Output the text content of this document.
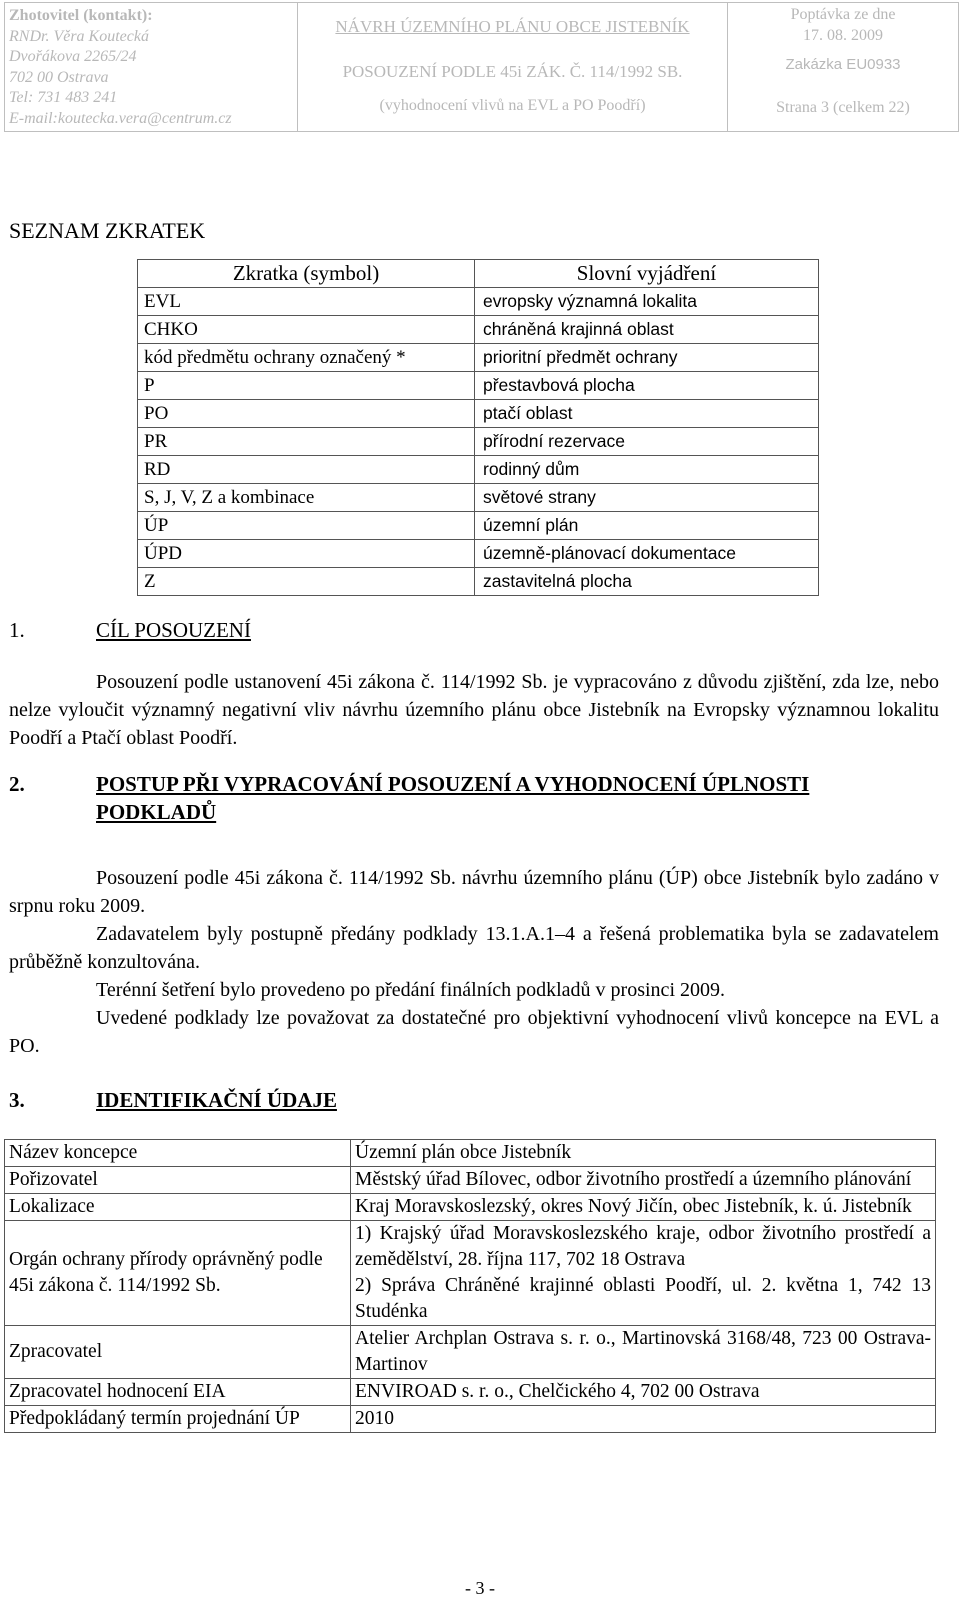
Zhotovitel (kontakt):
RNDr. Věra Koutecká
Dvořákova 2265/24
702 00 Ostrava
Tel: 731 483 241
E-mail:koutecka.vera@centrum.cz
NÁVRH ÚZEMNÍHO PLÁNU OBCE JISTEBNÍK
POSOUZENÍ PODLE 45i ZÁK. Č. 114/1992 SB.
(vyhodnocení vlivů na EVL a PO Poodří)
Poptávka ze dne
17. 08. 2009
Zakázka EU0933
Strana 3 (celkem 22)
SEZNAM ZKRATEK
Zkratka (symbol)	Slovní vyjádření
EVL	evropsky významná lokalita
CHKO	chráněná krajinná oblast
kód předmětu ochrany označený *	prioritní předmět ochrany
P	přestavbová plocha
PO	ptačí oblast
PR	přírodní rezervace
RD	rodinný dům
S, J, V, Z a kombinace	světové strany
ÚP	územní plán
ÚPD	územně-plánovací dokumentace
Z	zastavitelná plocha
1.	CÍL POSOUZENÍ
Posouzení podle ustanovení 45i zákona č. 114/1992 Sb. je vypracováno z důvodu zjištění, zda lze, nebo nelze vyloučit významný negativní vliv návrhu územního plánu obce Jistebník na Evropsky významnou lokalitu Poodří a Ptačí oblast Poodří.
2.	POSTUP PŘI VYPRACOVÁNÍ POSOUZENÍ A VYHODNOCENÍ ÚPLNOSTI
PODKLADŮ
Posouzení podle 45i zákona č. 114/1992 Sb. návrhu územního plánu (ÚP) obce Jistebník bylo zadáno v srpnu roku 2009.
Zadavatelem byly postupně předány podklady 13.1.A.1–4 a řešená problematika byla se zadavatelem průběžně konzultována.
Terénní šetření bylo provedeno po předání finálních podkladů v prosinci 2009.
Uvedené podklady lze považovat za dostatečné pro objektivní vyhodnocení vlivů koncepce na EVL a PO.
3.	IDENTIFIKAČNÍ ÚDAJE
Název koncepce	Územní plán obce Jistebník
Pořizovatel	Městský úřad Bílovec, odbor životního prostředí a územního plánování
Lokalizace	Kraj Moravskoslezský, okres Nový Jičín, obec Jistebník, k. ú. Jistebník
Orgán ochrany přírody oprávněný podle 45i zákona č. 114/1992 Sb.	1) Krajský úřad Moravskoslezského kraje, odbor životního prostředí a zemědělství, 28. října 117, 702 18 Ostrava
2) Správa Chráněné krajinné oblasti Poodří, ul. 2. května 1, 742 13 Studénka
Zpracovatel	Atelier Archplan Ostrava s. r. o., Martinovská 3168/48, 723 00 Ostrava-Martinov
Zpracovatel hodnocení EIA	ENVIROAD s. r. o., Chelčického 4, 702 00 Ostrava
Předpokládaný termín projednání ÚP	2010
- 3 -
